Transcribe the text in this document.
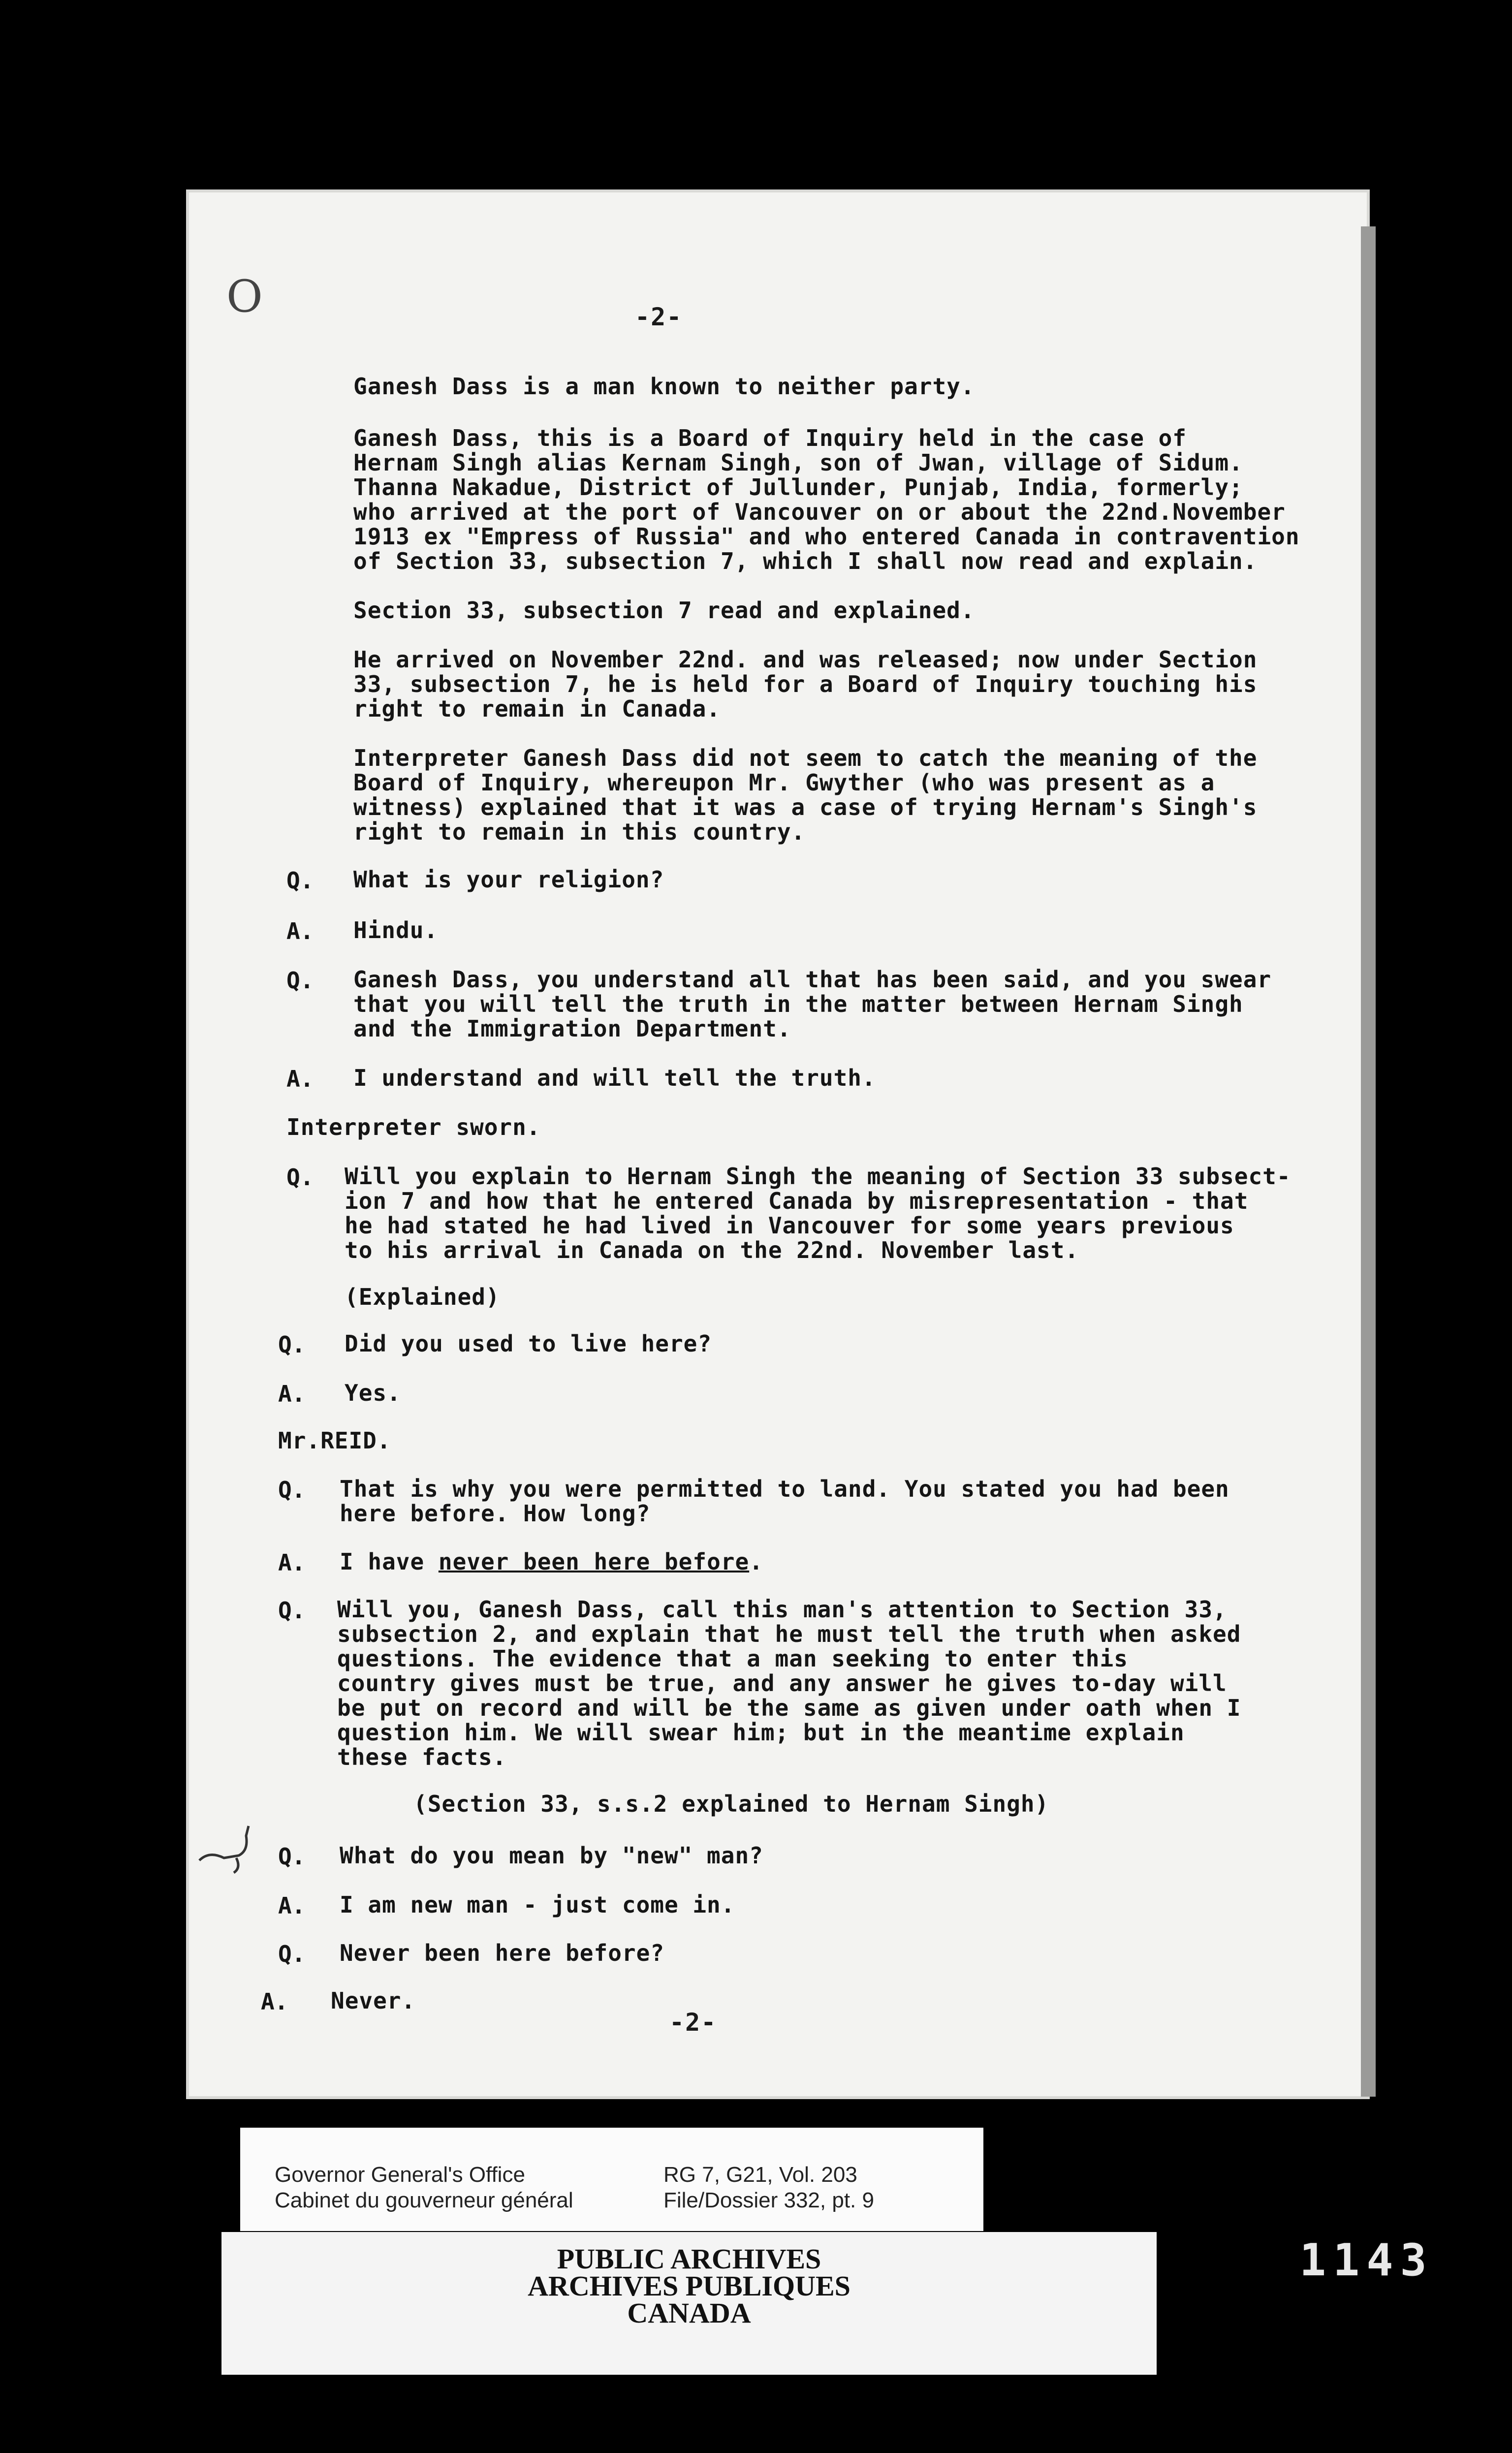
O	-2-
Ganesh Dass is a man known to neither party.
Ganesh Dass, this is a Board of Inquiry held in the case of
Hernam Singh alias Kernam Singh, son of Jwan, village of Sidum.
Thanna Nakadue, District of Jullunder, Punjab, India, formerly;
who arrived at the port of Vancouver on or about the 22nd.November
1913 ex "Empress of Russia" and who entered Canada in contravention
of Section 33, subsection 7, which I shall now read and explain.
Section 33, subsection 7 read and explained.
He arrived on November 22nd. and was released; now under Section
33, subsection 7, he is held for a Board of Inquiry touching his
right to remain in Canada.
Interpreter Ganesh Dass did not seem to catch the meaning of the
Board of Inquiry, whereupon Mr. Gwyther (who was present as a
witness) explained that it was a case of trying Hernam's Singh's
right to remain in this country.
Q. What is your religion?
A. Hindu.
Q. Ganesh Dass, you understand all that has been said, and you swear
that you will tell the truth in the matter between Hernam Singh
and the Immigration Department.
A. I understand and will tell the truth.
Interpreter sworn.
Q. Will you explain to Hernam Singh the meaning of Section 33 subsect-
ion 7 and how that he entered Canada by misrepresentation - that
he had stated he had lived in Vancouver for some years previous
to his arrival in Canada on the 22nd. November last.
(Explained)
Q. Did you used to live here?
A. Yes.
Mr.REID.
Q. That is why you were permitted to land. You stated you had been
here before. How long?
A. I have never been here before.
Q. Will you, Ganesh Dass, call this man's attention to Section 33,
subsection 2, and explain that he must tell the truth when asked
questions. The evidence that a man seeking to enter this
country gives must be true, and any answer he gives to-day will
be put on record and will be the same as given under oath when I
question him. We will swear him; but in the meantime explain
these facts.
(Section 33, s.s.2 explained to Hernam Singh)
Q. What do you mean by "new" man?
A. I am new man - just come in.
Q. Never been here before?
A. Never.
-2-
Governor General's Office
Cabinet du gouverneur général
RG 7, G21, Vol. 203
File/Dossier 332, pt. 9
PUBLIC ARCHIVES
ARCHIVES PUBLIQUES
CANADA
1143
